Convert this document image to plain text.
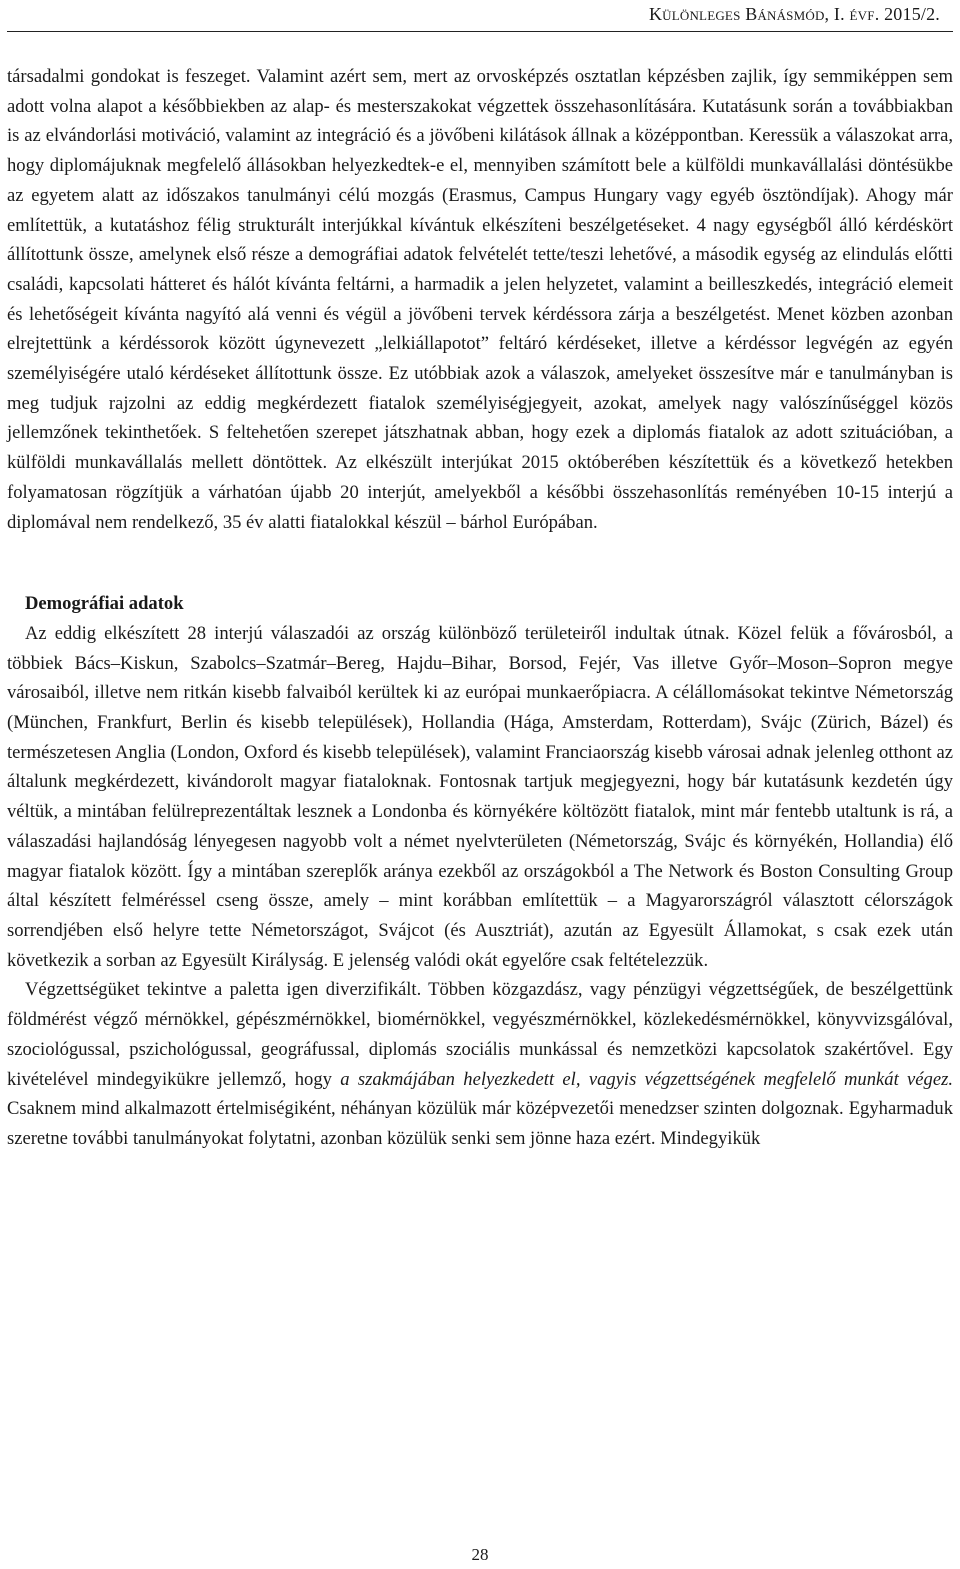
Különleges Bánásmód, I. évf. 2015/2.

társadalmi gondokat is feszeget. Valamint azért sem, mert az orvosképzés osztatlan képzésben zajlik, így semmiképpen sem adott volna alapot a későbbiekben az alap- és mesterszakokat végzettek összehasonlítására. Kutatásunk során a továbbiakban is az elvándorlási motiváció, valamint az integráció és a jövőbeni kilátások állnak a középpontban. Keressük a válaszokat arra, hogy diplomájuknak megfelelő állásokban helyezkedtek-e el, mennyiben számított bele a külföldi munkavállalási döntésükbe az egyetem alatt az időszakos tanulmányi célú mozgás (Erasmus, Campus Hungary vagy egyéb ösztöndíjak). Ahogy már említettük, a kutatáshoz félig strukturált interjúkkal kívántuk elkészíteni beszélgetéseket. 4 nagy egységből álló kérdéskört állítottunk össze, amelynek első része a demográfiai adatok felvételét tette/teszi lehetővé, a második egység az elindulás előtti családi, kapcsolati hátteret és hálót kívánta feltárni, a harmadik a jelen helyzetet, valamint a beilleszkedés, integráció elemeit és lehetőségeit kívánta nagyító alá venni és végül a jövőbeni tervek kérdéssora zárja a beszélgetést. Menet közben azonban elrejtettünk a kérdéssorok között úgynevezett „lelkiállapotot” feltáró kérdéseket, illetve a kérdéssor legvégén az egyén személyiségére utaló kérdéseket állítottunk össze. Ez utóbbiak azok a válaszok, amelyeket összesítve már e tanulmányban is meg tudjuk rajzolni az eddig megkérdezett fiatalok személyiségjegyeit, azokat, amelyek nagy valószínűséggel közös jellemzőnek tekinthetőek. S feltehetően szerepet játszhatnak abban, hogy ezek a diplomás fiatalok az adott szituációban, a külföldi munkavállalás mellett döntöttek. Az elkészült interjúkat 2015 októberében készítettük és a következő hetekben folyamatosan rögzítjük a várhatóan újabb 20 interjút, amelyekből a későbbi összehasonlítás reményében 10-15 interjú a diplomával nem rendelkező, 35 év alatti fiatalokkal készül – bárhol Európában.

Demográfiai adatok

Az eddig elkészített 28 interjú válaszadói az ország különböző területeiről indultak útnak. Közel felük a fővárosból, a többiek Bács–Kiskun, Szabolcs–Szatmár–Bereg, Hajdu–Bihar, Borsod, Fejér, Vas illetve Győr–Moson–Sopron megye városaiból, illetve nem ritkán kisebb falvaiból kerültek ki az európai munkaerőpiacra. A célállomásokat tekintve Németország (München, Frankfurt, Berlin és kisebb települések), Hollandia (Hága, Amsterdam, Rotterdam), Svájc (Zürich, Bázel) és természetesen Anglia (London, Oxford és kisebb települések), valamint Franciaország kisebb városai adnak jelenleg otthont az általunk megkérdezett, kivándorolt magyar fiataloknak. Fontosnak tartjuk megjegyezni, hogy bár kutatásunk kezdetén úgy véltük, a mintában felülreprezentáltak lesznek a Londonba és környékére költözött fiatalok, mint már fentebb utaltunk is rá, a válaszadási hajlandóság lényegesen nagyobb volt a német nyelvterületen (Németország, Svájc és környékén, Hollandia) élő magyar fiatalok között. Így a mintában szereplők aránya ezekből az országokból a The Network és Boston Consulting Group által készített felméréssel cseng össze, amely – mint korábban említettük – a Magyarországról választott célországok sorrendjében első helyre tette Németországot, Svájcot (és Ausztriát), azután az Egyesült Államokat, s csak ezek után következik a sorban az Egyesült Királyság. E jelenség valódi okát egyelőre csak feltételezzük.

Végzettségüket tekintve a paletta igen diverzifikált. Többen közgazdász, vagy pénzügyi végzettségűek, de beszélgettünk földmérést végző mérnökkel, gépészmérnökkel, biomérnökkel, vegyészmérnökkel, közlekedésmérnökkel, könyvvizsgálóval, szociológussal, pszichológussal, geográfussal, diplomás szociális munkással és nemzetközi kapcsolatok szakértővel. Egy kivételével mindegyikükre jellemző, hogy a szakmájában helyezkedett el, vagyis végzettségének megfelelő munkát végez. Csaknem mind alkalmazott értelmiségiként, néhányan közülük már középvezetői menedzser szinten dolgoznak. Egyharmaduk szeretne további tanulmányokat folytatni, azonban közülük senki sem jönne haza ezért. Mindegyikük

28
